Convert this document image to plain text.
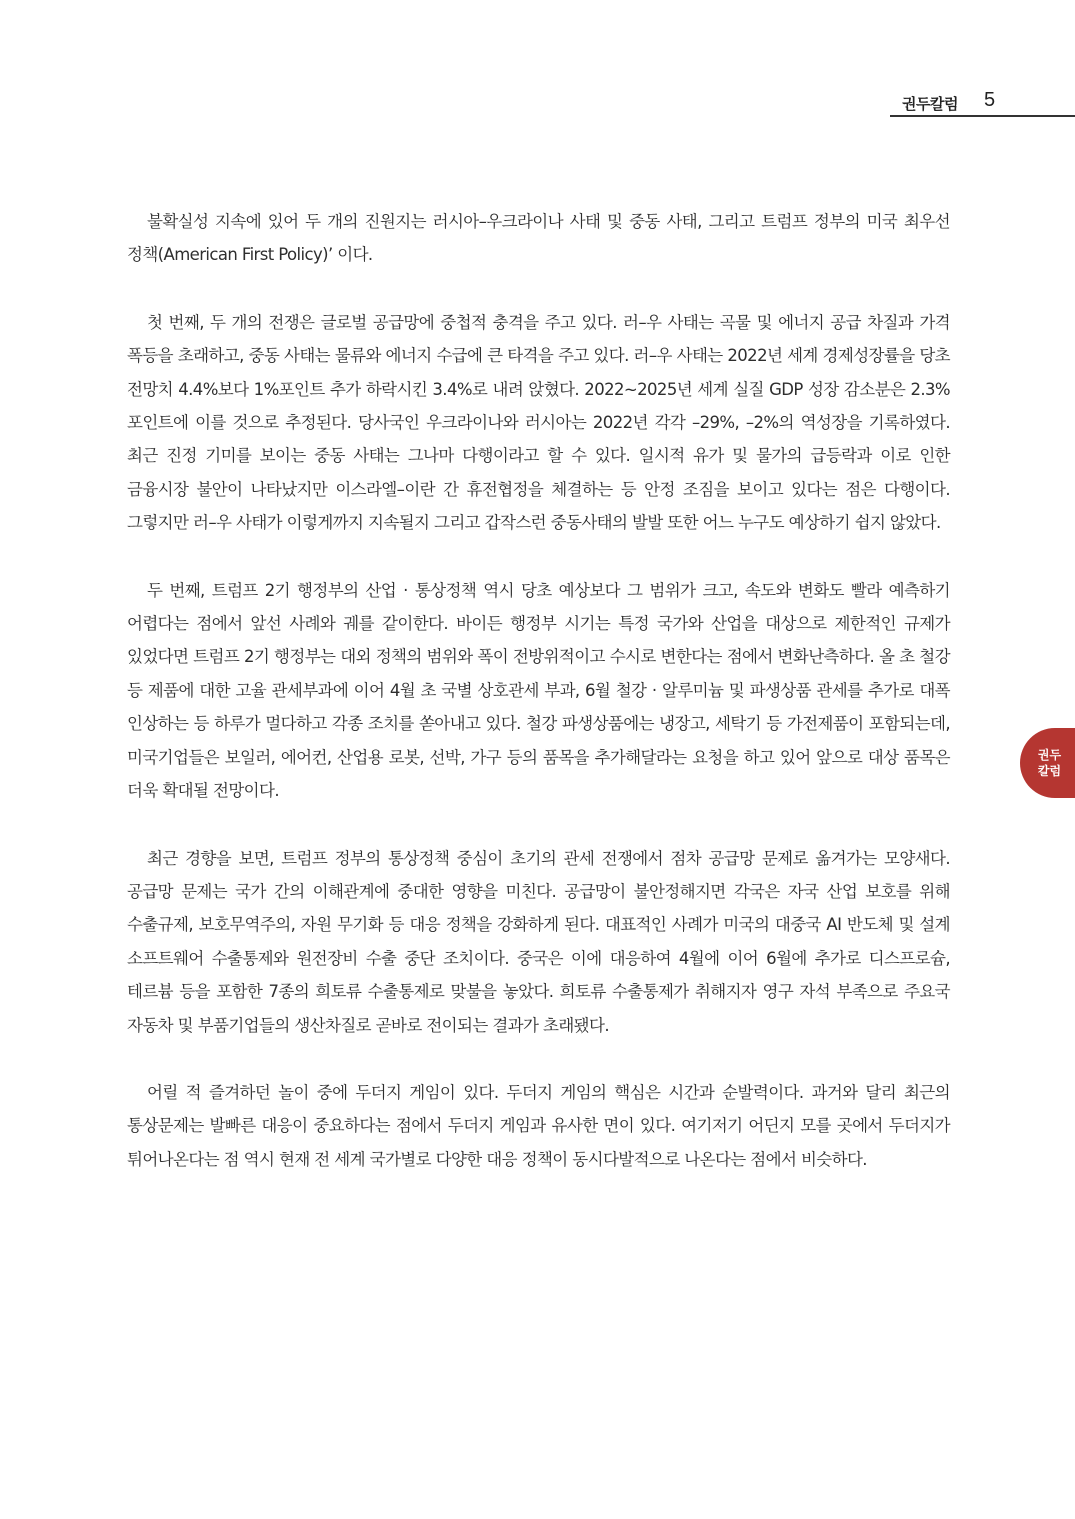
권두칼럼 5
권두
칼럼

불확실성 지속에 있어 두 개의 진원지는 러시아–우크라이나 사태 및 중동 사태, 그리고 트럼프 정부의 미국 최우선 정책(American First Policy)’ 이다.

첫 번째, 두 개의 전쟁은 글로벌 공급망에 중첩적 충격을 주고 있다. 러–우 사태는 곡물 및 에너지 공급 차질과 가격 폭등을 초래하고, 중동 사태는 물류와 에너지 수급에 큰 타격을 주고 있다. 러–우 사태는 2022년 세계 경제성장률을 당초 전망치 4.4%보다 1%포인트 추가 하락시킨 3.4%로 내려 앉혔다. 2022∼2025년 세계 실질 GDP 성장 감소분은 2.3%포인트에 이를 것으로 추정된다. 당사국인 우크라이나와 러시아는 2022년 각각 –29%, –2%의 역성장을 기록하였다. 최근 진정 기미를 보이는 중동 사태는 그나마 다행이라고 할 수 있다. 일시적 유가 및 물가의 급등락과 이로 인한 금융시장 불안이 나타났지만 이스라엘–이란 간 휴전협정을 체결하는 등 안정 조짐을 보이고 있다는 점은 다행이다. 그렇지만 러–우 사태가 이렇게까지 지속될지 그리고 갑작스런 중동사태의 발발 또한 어느 누구도 예상하기 쉽지 않았다.

두 번째, 트럼프 2기 행정부의 산업 · 통상정책 역시 당초 예상보다 그 범위가 크고, 속도와 변화도 빨라 예측하기 어렵다는 점에서 앞선 사례와 궤를 같이한다. 바이든 행정부 시기는 특정 국가와 산업을 대상으로 제한적인 규제가 있었다면 트럼프 2기 행정부는 대외 정책의 범위와 폭이 전방위적이고 수시로 변한다는 점에서 변화난측하다. 올 초 철강 등 제품에 대한 고율 관세부과에 이어 4월 초 국별 상호관세 부과, 6월 철강 · 알루미늄 및 파생상품 관세를 추가로 대폭 인상하는 등 하루가 멀다하고 각종 조치를 쏟아내고 있다. 철강 파생상품에는 냉장고, 세탁기 등 가전제품이 포함되는데, 미국기업들은 보일러, 에어컨, 산업용 로봇, 선박, 가구 등의 품목을 추가해달라는 요청을 하고 있어 앞으로 대상 품목은 더욱 확대될 전망이다.

최근 경향을 보면, 트럼프 정부의 통상정책 중심이 초기의 관세 전쟁에서 점차 공급망 문제로 옮겨가는 모양새다. 공급망 문제는 국가 간의 이해관계에 중대한 영향을 미친다. 공급망이 불안정해지면 각국은 자국 산업 보호를 위해 수출규제, 보호무역주의, 자원 무기화 등 대응 정책을 강화하게 된다. 대표적인 사례가 미국의 대중국 AI 반도체 및 설계 소프트웨어 수출통제와 원전장비 수출 중단 조치이다. 중국은 이에 대응하여 4월에 이어 6월에 추가로 디스프로슘, 테르븀 등을 포함한 7종의 희토류 수출통제로 맞불을 놓았다. 희토류 수출통제가 취해지자 영구 자석 부족으로 주요국 자동차 및 부품기업들의 생산차질로 곧바로 전이되는 결과가 초래됐다.

어릴 적 즐겨하던 놀이 중에 두더지 게임이 있다. 두더지 게임의 핵심은 시간과 순발력이다. 과거와 달리 최근의 통상문제는 발빠른 대응이 중요하다는 점에서 두더지 게임과 유사한 면이 있다. 여기저기 어딘지 모를 곳에서 두더지가 튀어나온다는 점 역시 현재 전 세계 국가별로 다양한 대응 정책이 동시다발적으로 나온다는 점에서 비슷하다.
